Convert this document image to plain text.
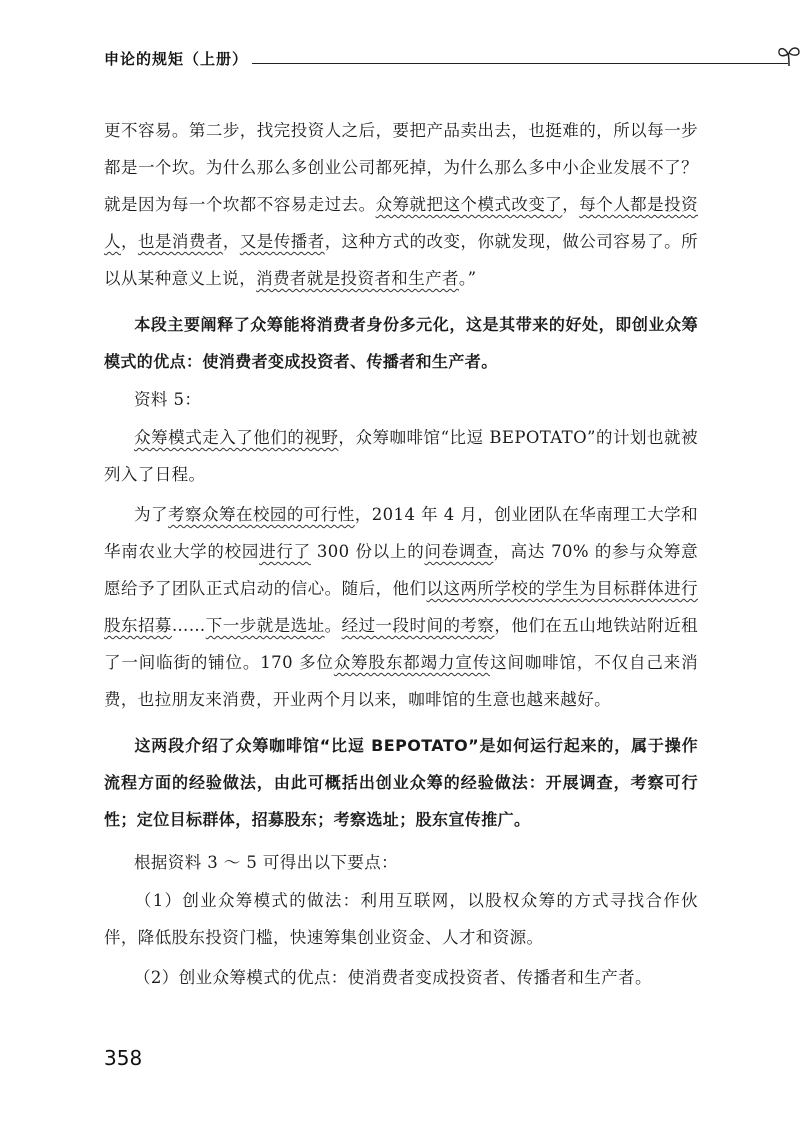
申论的规矩（上册）
更不容易。第二步，找完投资人之后，要把产品卖出去，也挺难的，所以每一步都是一个坎。为什么那么多创业公司都死掉，为什么那么多中小企业发展不了？就是因为每一个坎都不容易走过去。众筹就把这个模式改变了，每个人都是投资人，也是消费者，又是传播者，这种方式的改变，你就发现，做公司容易了。所以从某种意义上说，消费者就是投资者和生产者。”
本段主要阐释了众筹能将消费者身份多元化，这是其带来的好处，即创业众筹模式的优点：使消费者变成投资者、传播者和生产者。
资料 5：
众筹模式走入了他们的视野，众筹咖啡馆“比逗 BEPOTATO”的计划也就被列入了日程。
为了考察众筹在校园的可行性，2014 年 4 月，创业团队在华南理工大学和华南农业大学的校园进行了 300 份以上的问卷调查，高达 70% 的参与众筹意愿给予了团队正式启动的信心。随后，他们以这两所学校的学生为目标群体进行股东招募……下一步就是选址。经过一段时间的考察，他们在五山地铁站附近租了一间临街的铺位。170 多位众筹股东都竭力宣传这间咖啡馆，不仅自己来消费，也拉朋友来消费，开业两个月以来，咖啡馆的生意也越来越好。
这两段介绍了众筹咖啡馆“比逗 BEPOTATO”是如何运行起来的，属于操作流程方面的经验做法，由此可概括出创业众筹的经验做法：开展调查，考察可行性；定位目标群体，招募股东；考察选址；股东宣传推广。
根据资料 3 ～ 5 可得出以下要点：
（1）创业众筹模式的做法：利用互联网，以股权众筹的方式寻找合作伙伴，降低股东投资门槛，快速筹集创业资金、人才和资源。
（2）创业众筹模式的优点：使消费者变成投资者、传播者和生产者。
358
